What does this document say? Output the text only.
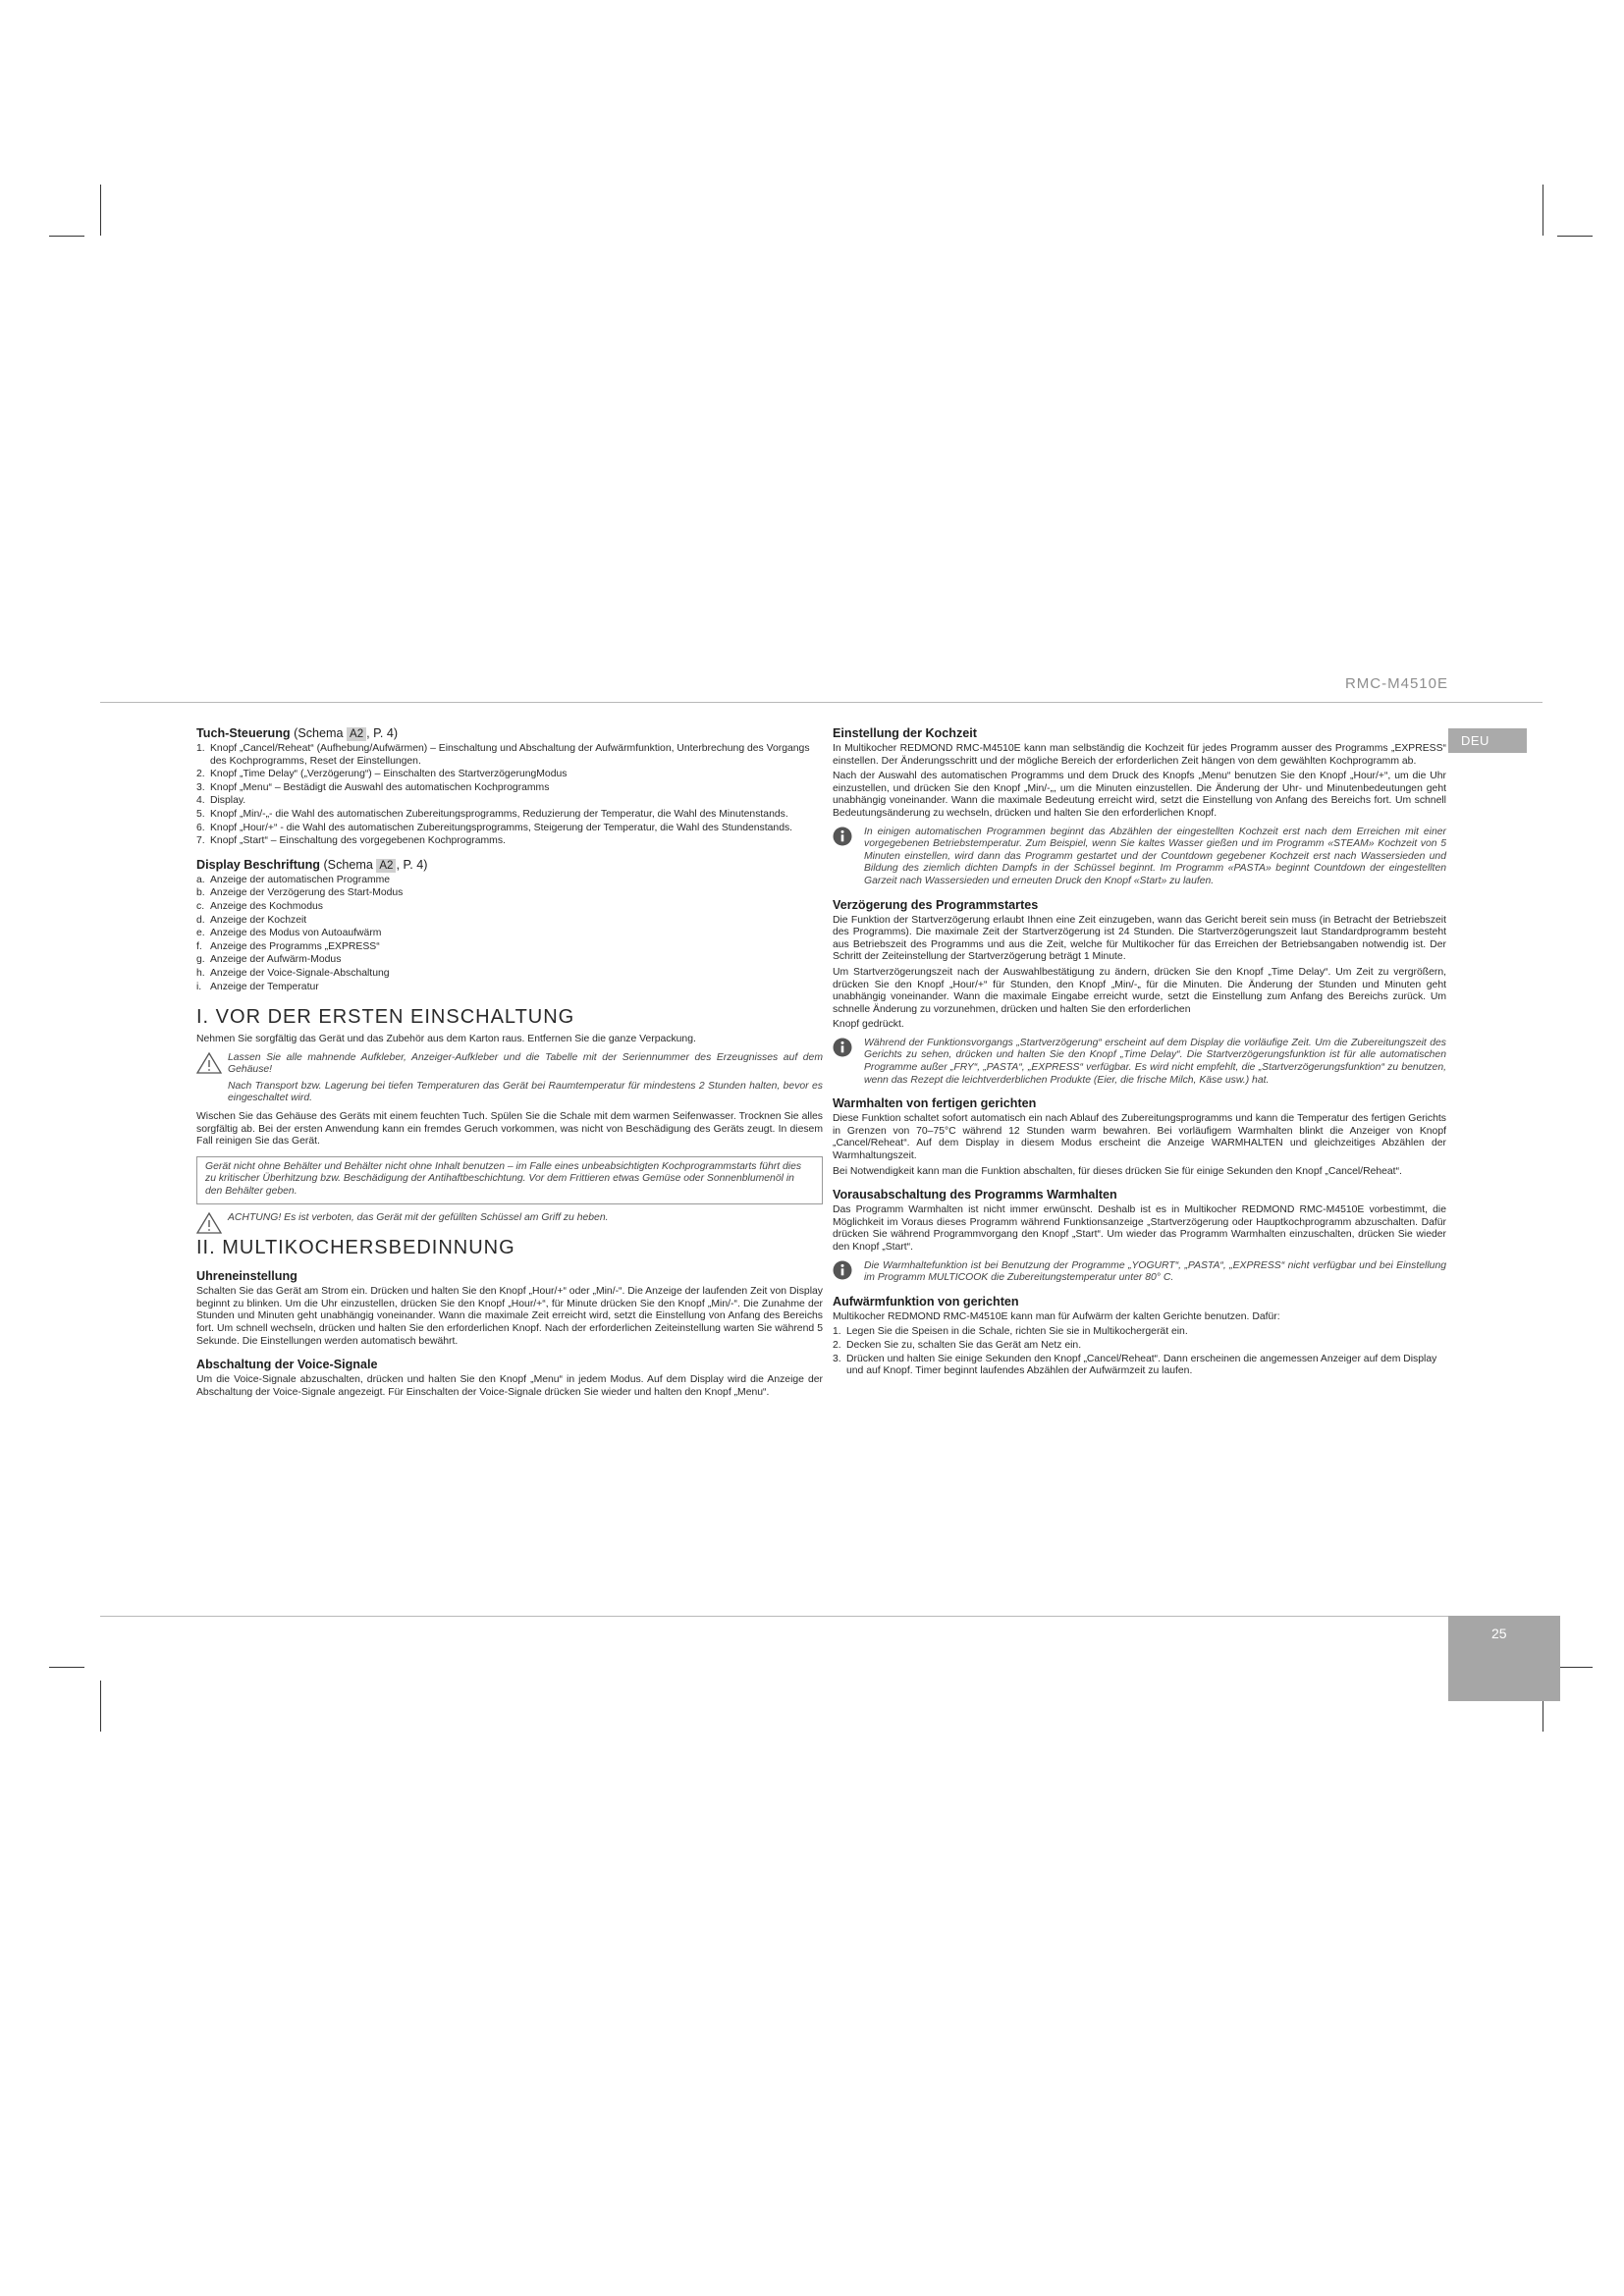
RMC-M4510E
DEU
25
Tuch-Steuerung (Schema A2 , P. 4)
1. Knopf „Cancel/Reheat“ (Aufhebung/Aufwärmen) – Einschaltung und Abschaltung der Aufwärmfunktion, Unterbrechung des Vorgangs des Kochprogramms, Reset der Einstellungen.
2. Knopf „Time Delay“ („Verzögerung“) – Einschalten des StartverzögerungModus
3. Knopf „Menu“ – Bestädigt die Auswahl des automatischen Kochprogramms
4. Display.
5. Knopf „Min/-„- die Wahl des automatischen Zubereitungsprogramms, Reduzierung der Temperatur, die Wahl des Minutenstands.
6. Knopf „Hour/+“ - die Wahl des automatischen Zubereitungsprogramms, Steigerung der Temperatur, die Wahl des Stundenstands.
7. Knopf „Start“ – Einschaltung des vorgegebenen Kochprogramms.
Display Beschriftung (Schema A2 , P. 4)
a. Anzeige der automatischen Programme
b. Anzeige der Verzögerung des Start-Modus
c. Anzeige des Kochmodus
d. Anzeige der Kochzeit
e. Anzeige des Modus von Autoaufwärm
f. Anzeige des Programms „EXPRESS“
g. Anzeige der Aufwärm-Modus
h. Anzeige der Voice-Signale-Abschaltung
i. Anzeige der Temperatur
I. VOR DER ERSTEN EINSCHALTUNG

Nehmen Sie sorgfältig das Gerät und das Zubehör aus dem Karton raus. Entfernen Sie die ganze Verpackung.

Lassen Sie alle mahnende Aufkleber, Anzeiger-Aufkleber und die Tabelle mit der Seriennummer des Erzeugnisses auf dem Gehäuse!

Nach Transport bzw. Lagerung bei tiefen Temperaturen das Gerät bei Raumtemperatur für mindestens 2 Stunden halten, bevor es eingeschaltet wird.

Wischen Sie das Gehäuse des Geräts mit einem feuchten Tuch. Spülen Sie die Schale mit dem warmen Seifenwasser. Trocknen Sie alles sorgfältig ab. Bei der ersten Anwendung kann ein fremdes Geruch vorkommen, was nicht von Beschädigung des Geräts zeugt. In diesem Fall reinigen Sie das Gerät.

Gerät nicht ohne Behälter und Behälter nicht ohne Inhalt benutzen – im Falle eines unbeabsichtigten Kochprogrammstarts führt dies zu kritischer Überhitzung bzw. Beschädigung der Antihaftbeschichtung. Vor dem Frittieren etwas Gemüse oder Sonnenblumenöl in den Behälter geben.

ACHTUNG! Es ist verboten, das Gerät mit der gefüllten Schüssel am Griff zu heben.

II. MULTIKOCHERSBEDINNUNG
Uhreneinstellung

Schalten Sie das Gerät am Strom ein. Drücken und halten Sie den Knopf „Hour/+“ oder „Min/-“. Die Anzeige der laufenden Zeit von Display beginnt zu blinken. Um die Uhr einzustellen, drücken Sie den Knopf „Hour/+“, für Minute drücken Sie den Knopf „Min/-“. Die Zunahme der Stunden und Minuten geht unabhängig voneinander. Wann die maximale Zeit erreicht wird, setzt die Einstellung von Anfang des Bereichs fort. Um schnell wechseln, drücken und halten Sie den erforderlichen Knopf. Nach der erforderlichen Zeiteinstellung warten Sie während 5 Sekunde. Die Einstellungen werden automatisch bewährt.

Abschaltung der Voice-Signale

Um die Voice-Signale abzuschalten, drücken und halten Sie den Knopf „Menu“ in jedem Modus. Auf dem Display wird die Anzeige der Abschaltung der Voice-Signale angezeigt. Für Einschalten der Voice-Signale drücken Sie wieder und halten den Knopf „Menu“.

Einstellung der Kochzeit

In Multikocher REDMOND RMC-M4510E kann man selbständig die Kochzeit für jedes Programm ausser des Programms „EXPRESS“ einstellen. Der Änderungsschritt und der mögliche Bereich der erforderlichen Zeit hängen von dem gewählten Kochprogramm ab.

Nach der Auswahl des automatischen Programms und dem Druck des Knopfs „Menu“ benutzen Sie den Knopf „Hour/+“, um die Uhr einzustellen, und drücken Sie den Knopf „Min/-„, um die Minuten einzustellen. Die Änderung der Uhr- und Minutenbedeutungen geht unabhängig voneinander. Wann die maximale Bedeutung erreicht wird, setzt die Einstellung von Anfang des Bereichs fort. Um schnell Bedeutungsänderung zu wechseln, drücken und halten Sie den erforderlichen Knopf.

In einigen automatischen Programmen beginnt das Abzählen der eingestellten Kochzeit erst nach dem Erreichen mit einer vorgegebenen Betriebstemperatur. Zum Beispiel, wenn Sie kaltes Wasser gießen und im Programm «STEAM» Kochzeit von 5 Minuten einstellen, wird dann das Programm gestartet und der Countdown gegebener Kochzeit erst nach Wassersieden und Bildung des ziemlich dichten Dampfs in der Schüssel beginnt. Im Programm «PASTA» beginnt Countdown der eingestellten Garzeit nach Wassersieden und erneuten Druck den Knopf «Start» zu laufen.

Verzögerung des Programmstartes

Die Funktion der Startverzögerung erlaubt Ihnen eine Zeit einzugeben, wann das Gericht bereit sein muss (in Betracht der Betriebszeit des Programms). Die maximale Zeit der Startverzögerung ist 24 Stunden. Die Startverzögerungszeit laut Standardprogramm besteht aus Betriebszeit des Programms und aus die Zeit, welche für Multikocher für das Erreichen der Betriebsangaben notwendig ist. Der Schritt der Zeiteinstellung der Startverzögerung beträgt 1 Minute.

Um Startverzögerungszeit nach der Auswahlbestätigung zu ändern, drücken Sie den Knopf „Time Delay“. Um Zeit zu vergrößern, drücken Sie den Knopf „Hour/+“ für Stunden, den Knopf „Min/-„ für die Minuten. Die Änderung der Stunden und Minuten geht unabhängig voneinander. Wann die maximale Eingabe erreicht wurde, setzt die Einstellung zum Anfang des Bereichs zurück. Um schnelle Änderung zu vorzunehmen, drücken und halten Sie den erforderlichen

Knopf gedrückt.

Während der Funktionsvorgangs „Startverzögerung“ erscheint auf dem Display die vorläufige Zeit. Um die Zubereitungszeit des Gerichts zu sehen, drücken und halten Sie den Knopf „Time Delay“. Die Startverzögerungsfunktion ist für alle automatischen Programme außer „FRY“, „PASTA“, „EXPRESS“ verfügbar. Es wird nicht empfehlt, die „Startverzögerungsfunktion“ zu benutzen, wenn das Rezept die leichtverderblichen Produkte (Eier, die frische Milch, Käse usw.) hat.

Warmhalten von fertigen gerichten

Diese Funktion schaltet sofort automatisch ein nach Ablauf des Zubereitungsprogramms und kann die Temperatur des fertigen Gerichts in Grenzen von 70–75°C während 12 Stunden warm bewahren. Bei vorläufigem Warmhalten blinkt die Anzeiger von Knopf „Cancel/Reheat“. Auf dem Display in diesem Modus erscheint die Anzeige WARMHALTEN und gleichzeitiges Abzählen der Warmhaltungszeit.

Bei Notwendigkeit kann man die Funktion abschalten, für dieses drücken Sie für einige Sekunden den Knopf „Cancel/Reheat“.

Vorausabschaltung des Programms Warmhalten

Das Programm Warmhalten ist nicht immer erwünscht. Deshalb ist es in Multikocher REDMOND RMC-M4510E vorbestimmt, die Möglichkeit im Voraus dieses Programm während Funktionsanzeige „Startverzögerung oder Hauptkochprogramm abzuschalten. Dafür drücken Sie während Programmvorgang den Knopf „Start“. Um wieder das Programm Warmhalten einzuschalten, drücken Sie wieder den Knopf „Start“.

Die Warmhaltefunktion ist bei Benutzung der Programme „YOGURT“, „PASTA“, „EXPRESS“ nicht verfügbar und bei Einstellung im Programm MULTICOOK die Zubereitungstemperatur unter 80° C.

Aufwärmfunktion von gerichten

Multikocher REDMOND RMC-M4510E kann man für Aufwärm der kalten Gerichte benutzen. Dafür:

1. Legen Sie die Speisen in die Schale, richten Sie sie in Multikochergerät ein.
2. Decken Sie zu, schalten Sie das Gerät am Netz ein.
3. Drücken und halten Sie einige Sekunden den Knopf „Cancel/Reheat“. Dann erscheinen die angemessen Anzeiger auf dem Display und auf Knopf. Timer beginnt laufendes Abzählen der Aufwärmzeit zu laufen.
